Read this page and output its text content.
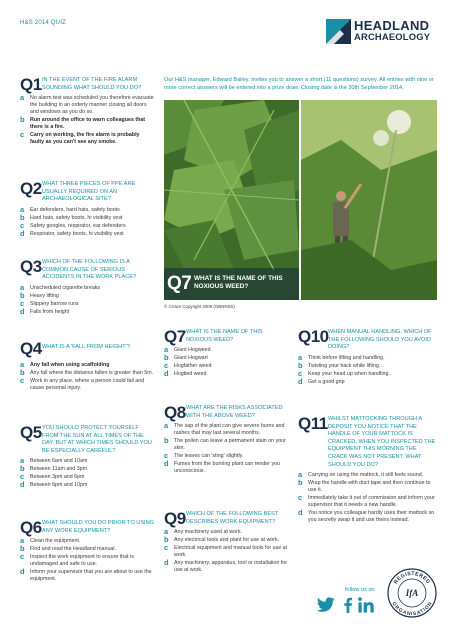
H&S 2014 QUIZ	HEADLAND
ARCHAEOLOGY

Our H&S manager, Edward Bailey, invites you to answer a short (11 questions) survey. All entries with nine or more correct answers will be entered into a prize draw. Closing date is the 30th September 2014.

Q1 IN THE EVENT OF THE FIRE ALARM SOUNDING WHAT SHOULD YOU DO?
a No alarm test was scheduled you therefore evacuate the building in an orderly manner closing all doors and windows as you do so.
b Run around the office to warn colleagues that there is a fire.
c Carry on working, the fire alarm is probably faulty as you can't see any smoke.
Q2 WHAT THREE PIECES OF PPE ARE USUALLY REQUIRED ON AN ARCHAEOLOGICAL SITE?
a Ear defenders, hard hats, safety boots
b Hard hats, safety boots, hi visibility vest
c Safety googles, respirator, ear defenders
d Respirator, safety boots, hi visibility vest
Q3 WHICH OF THE FOLLOWING IS A COMMON CAUSE OF SERIOUS ACCIDENTS IN THE WORK PLACE?
a Unscheduled cigarette breaks
b Heavy lifting
c Slippery barrow runs
d Falls from height
Q4 WHAT IS A 'FALL FROM HEIGHT'?
a Any fall when using scaffolding
b Any fall where the distance fallen is greater than 5m.
c Work in any place, where a person could fall and cause personal injury.
Q5 YOU SHOULD PROTECT YOURSELF FROM THE SUN AT ALL TIMES OF THE DAY, BUT AT WHICH TIMES SHOULD YOU BE ESPECIALLY CAREFUL?
a Between 6am and 10am
b Between 11am and 3pm
c Between 3pm and 6pm
d Between 6pm and 10pm
Q6 WHAT SHOULD YOU DO PRIOR TO USING ANY WORK EQUIPMENT?
a Clean the equipment.
b Find and read the Headland manual.
c Inspect the work equipment to ensure that is undamaged and safe to use.
d Inform your supervisor that you are about to use the equipment.
Q7 WHAT IS THE NAME OF THIS NOXIOUS WEED?
© Crown Copyright 2009 (GBNNSS)
Q7 WHAT IS THE NAME OF THIS NOXIOUS WEED?
a Giant Hogweed
b Giant Hogwart
c Hogfather weed
d Hogtied weed
Q8 WHAT ARE THE RISKS ASSOCIATED WITH THE ABOVE WEED?
a The sap of the plant can give severe burns and rashes that may last several months.
b The pollen can leave a permanent stain on your skin.
c The leaves can 'sting' slightly.
d Fumes from the burning plant can render you unconscious.
Q9 WHICH OF THE FOLLOWING BEST DESCRIBES WORK EQUIPMENT?
a Any machinery used at work.
b Any electrical tools and plant for use at work.
c Electrical equipment and manual tools for use at work.
d Any machinery, apparatus, tool or installation for use at work.
Q10 WHEN MANUAL HANDLING, WHICH OF THE FOLLOWING SHOULD YOU AVOID DOING?
a Think before lifting and handling.
b Twisting your back while lifting.
c Keep your head up when handling.
d Get a good grip
Q11 WHILST MATTOCKING THROUGH A DEPOSIT YOU NOTICE THAT THE HANDLE OF YOUR MATTOCK IS CRACKED, WHEN YOU INSPECTED THE EQUIPMENT THIS MORNING THE CRACK WAS NOT PRESENT, WHAT SHOULD YOU DO?
a Carrying on using the mattock, it still feels sound.
b Wrap the handle with duct tape and then continue to use it.
c Immediately take it out of commission and inform your supervisor that it needs a new handle.
d You notice you colleague hardly uses their mattock so you secretly swap it and use theirs instead.
follow us on
REGISTERED
ORGANISATION
IfA
